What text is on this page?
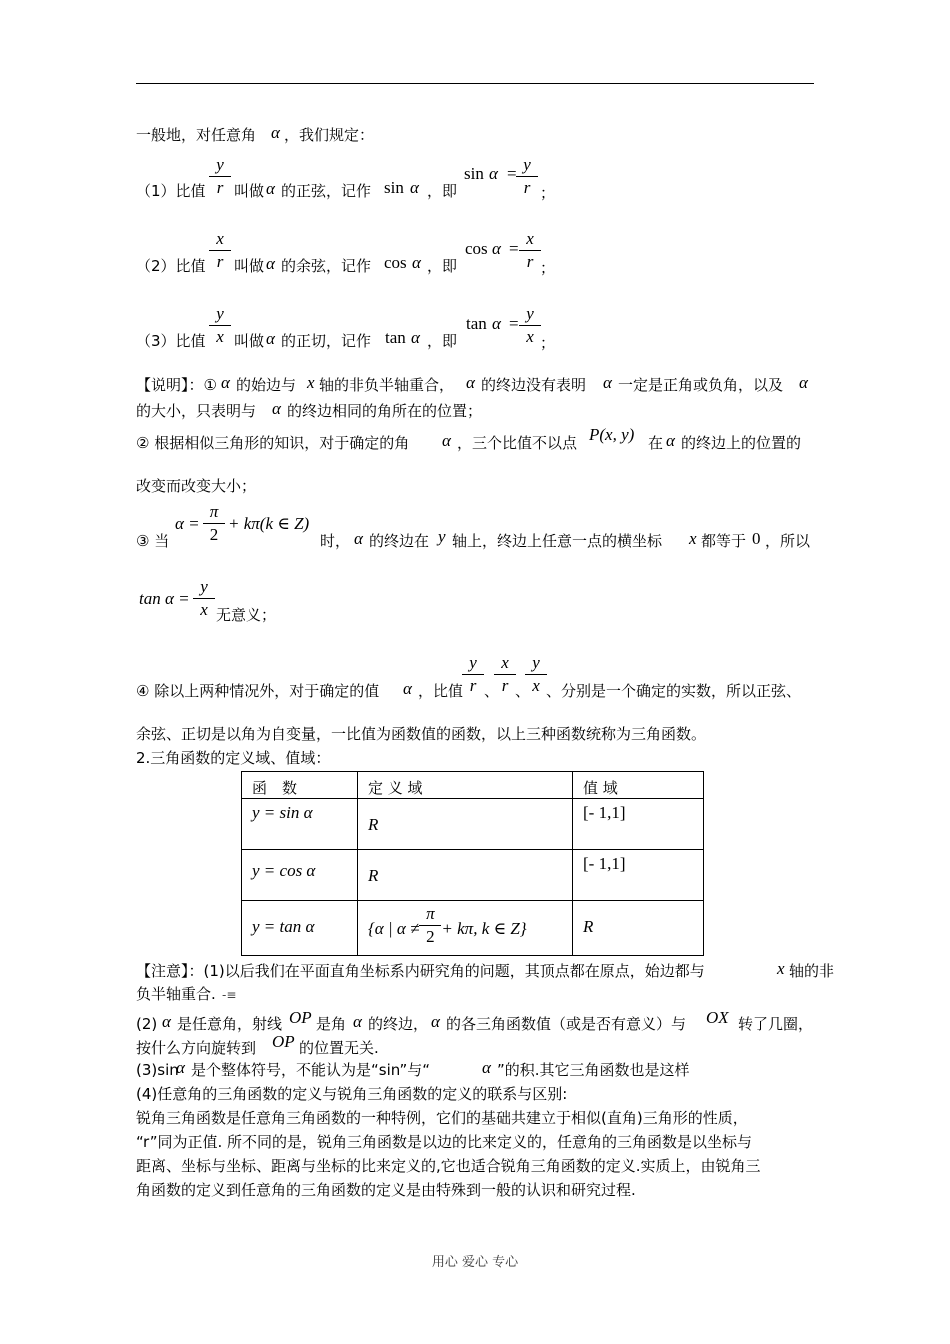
一般地，对任意角 α ，我们规定：
（1）比值
y
r 叫做 α 的正弦，记作 sin α ，即
sin α = y
r ；
（2）比值
x
r 叫做 α 的余弦，记作 cos α ，即
cos α =
x
r ；
（3）比值
y
x 叫做 α 的正切，记作 tan α ，即
tan α =
y
x ；
【说明】：① α 的始边与 x 轴的非负半轴重合， α 的终边没有表明 α 一定是正角或负角，以及 α
的大小，只表明与 α 的终边相同的角所在的位置；
② 根据相似三角形的知识，对于确定的角 α ，三个比值不以点 P(x, y) 在 α 的终边上的位置的
改变而改变大小；
③ 当
α =
π
2
+ kπ(k ∈ Z)
时， α 的终边在 y 轴上，终边上任意一点的横坐标 x 都等于 0 ，所以
tan α =
y
x 无意义；
④ 除以上两种情况外，对于确定的值 α ，比值
y
r 、
x
r 、
y
x 、分别是一个确定的实数，所以正弦、
余弦、正切是以角为自变量，一比值为函数值的函数，以上三种函数统称为三角函数。
2.三角函数的定义域、值域：
函　数	定 义 域	值 域
y = sin α	R	[- 1,1]
y = cos α	R	[- 1,1]
y = tan α	{α | $\alpha \ne \frac{\pi}{2} + k\pi$, k ∈ Z}	R
【注意】：(1)以后我们在平面直角坐标系内研究角的问题，其顶点都在原点，始边都与	x 轴的非
负半轴重合. -≡
(2) α 是任意角，射线 OP 是角 α 的终边， α 的各三角函数值（或是否有意义）与 OX 转了几圈，
按什么方向旋转到 OP 的位置无关.
(3)sin
α 是个整体符号，不能认为是“sin”与“	α ”的积.其它三角函数也是这样
(4)任意角的三角函数的定义与锐角三角函数的定义的联系与区别:
锐角三角函数是任意角三角函数的一种特例，它们的基础共建立于相似(直角)三角形的性质，
“r”同为正值. 所不同的是，锐角三角函数是以边的比来定义的，任意角的三角函数是以坐标与
距离、坐标与坐标、距离与坐标的比来定义的,它也适合锐角三角函数的定义.实质上，由锐角三
角函数的定义到任意角的三角函数的定义是由特殊到一般的认识和研究过程.
用心 爱心 专心
